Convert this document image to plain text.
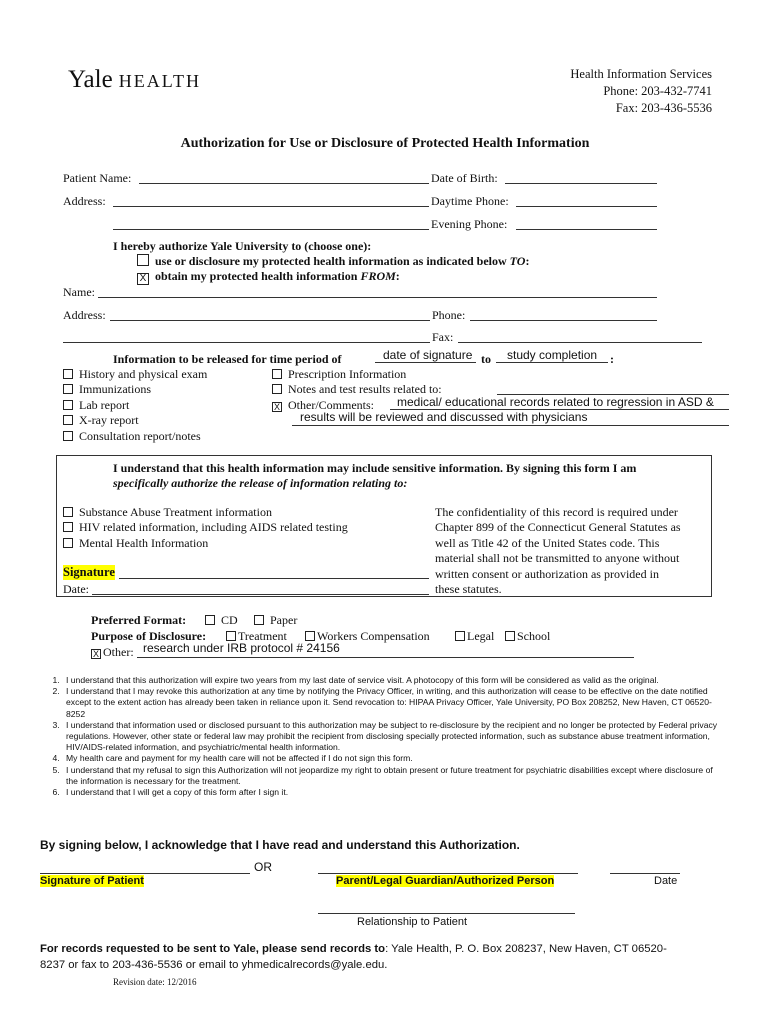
Yale HEALTH	Health Information Services
Phone: 203-432-7741
Fax: 203-436-5536
Authorization for Use or Disclosure of Protected Health Information
Patient Name:	Date of Birth:
Address:	Daytime Phone:
Evening Phone:
I hereby authorize Yale University to (choose one):
use or disclosure my protected health information as indicated below TO:
X obtain my protected health information FROM:
Name:
Address:	Phone:
Fax:
Information to be released for time period of	date of signature to study completion :
History and physical exam
Immunizations
Lab report
X-ray report
Consultation report/notes
Prescription Information
Notes and test results related to:
X Other/Comments:	medical/ educational records related to regression in ASD &
results will be reviewed and discussed with physicians
I understand that this health information may include sensitive information. By signing this form I am
specifically authorize the release of information relating to:
Substance Abuse Treatment information
HIV related information, including AIDS related testing
Mental Health Information
The confidentiality of this record is required under
Chapter 899 of the Connecticut General Statutes as
well as Title 42 of the United States code. This
material shall not be transmitted to anyone without
written consent or authorization as provided in
these statutes.
Signature
Date:
Preferred Format:	CD	Paper
Purpose of Disclosure:	Treatment	Workers Compensation	Legal	School
X Other: research under IRB protocol # 24156
1. I understand that this authorization will expire two years from my last date of service visit. A photocopy of this form will be considered as valid as the original.
2. I understand that I may revoke this authorization at any time by notifying the Privacy Officer, in writing, and this authorization will cease to be effective on the date notified except to the extent action has already been taken in reliance upon it. Send revocation to: HIPAA Privacy Officer, Yale University, PO Box 208252, New Haven, CT 06520-8252
3. I understand that information used or disclosed pursuant to this authorization may be subject to re-disclosure by the recipient and no longer be protected by Federal privacy regulations. However, other state or federal law may prohibit the recipient from disclosing specially protected information, such as substance abuse treatment information, HIV/AIDS-related information, and psychiatric/mental health information.
4. My health care and payment for my health care will not be affected if I do not sign this form.
5. I understand that my refusal to sign this Authorization will not jeopardize my right to obtain present or future treatment for psychiatric disabilities except where disclosure of the information is necessary for the treatment.
6. I understand that I will get a copy of this form after I sign it.
By signing below, I acknowledge that I have read and understand this Authorization.
OR
Signature of Patient	Parent/Legal Guardian/Authorized Person	Date
Relationship to Patient
For records requested to be sent to Yale, please send records to: Yale Health, P. O. Box 208237, New Haven, CT 06520-
8237 or fax to 203-436-5536 or email to yhmedicalrecords@yale.edu.
Revision date: 12/2016
